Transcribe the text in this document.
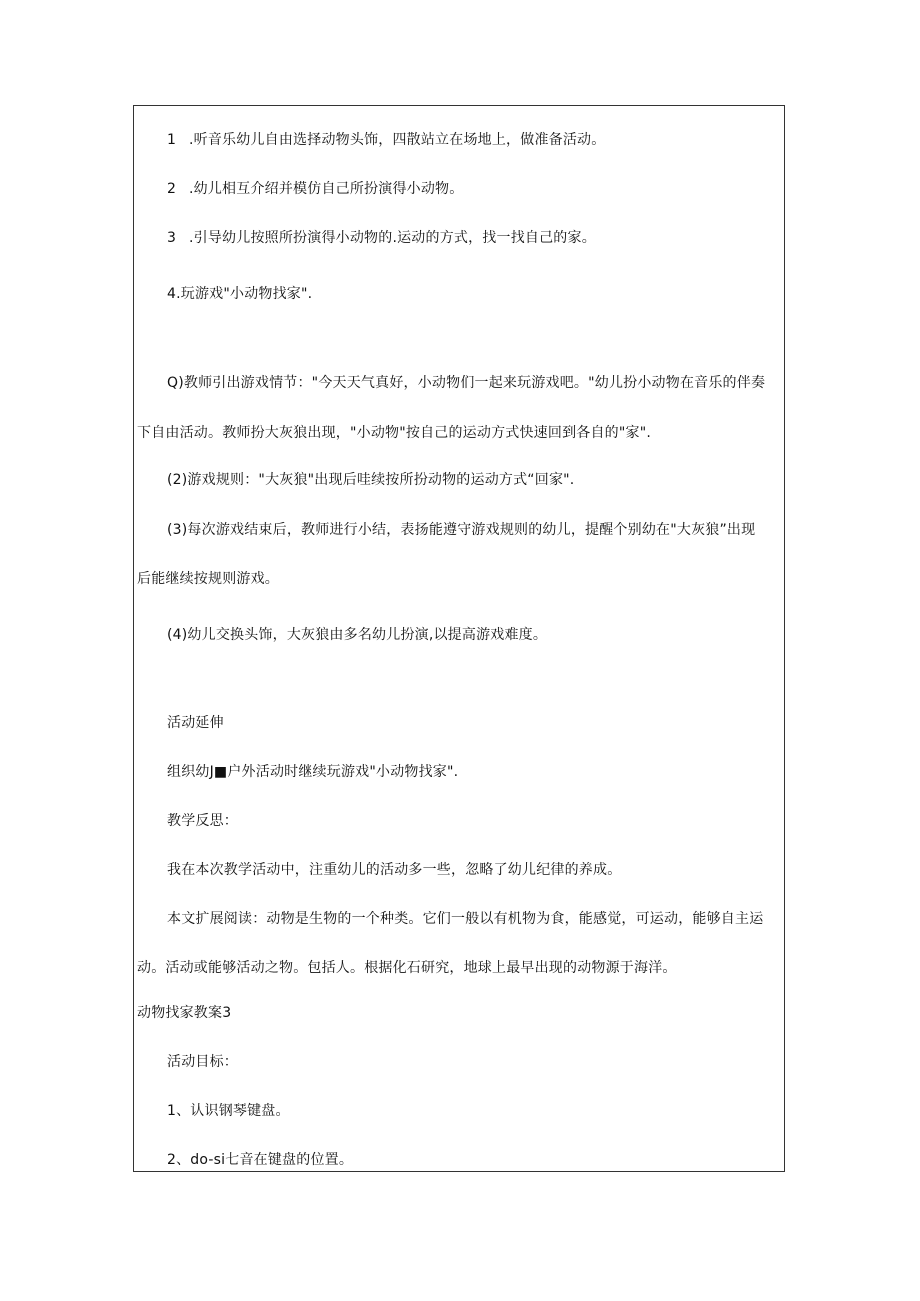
1 .听音乐幼儿自由选择动物头饰，四散站立在场地上，做准备活动。
2 .幼儿相互介绍并模仿自己所扮演得小动物。
3 .引导幼儿按照所扮演得小动物的.运动的方式，找一找自己的家。
4.玩游戏"小动物找家".
Q)教师引出游戏情节："今天天气真好，小动物们一起来玩游戏吧。"幼儿扮小动物在音乐的伴奏
下自由活动。教师扮大灰狼出现，"小动物"按自己的运动方式快速回到各自的"家".
(2)游戏规则："大灰狼"出现后哇续按所扮动物的运动方式“回家".
(3)每次游戏结束后，教师进行小结，表扬能遵守游戏规则的幼儿，提醒个别幼在"大灰狼”出现
后能继续按规则游戏。
(4)幼儿交换头饰，大灰狼由多名幼儿扮演,以提高游戏难度。
活动延伸
组织幼J■户外活动时继续玩游戏"小动物找家".
教学反思：
我在本次教学活动中，注重幼儿的活动多一些，忽略了幼儿纪律的养成。
本文扩展阅读：动物是生物的一个种类。它们一般以有机物为食，能感觉，可运动，能够自主运
动。活动或能够活动之物。包括人。根据化石研究，地球上最早出现的动物源于海洋。
动物找家教案3
活动目标：
1、认识钢琴键盘。
2、do-si七音在键盘的位置。
